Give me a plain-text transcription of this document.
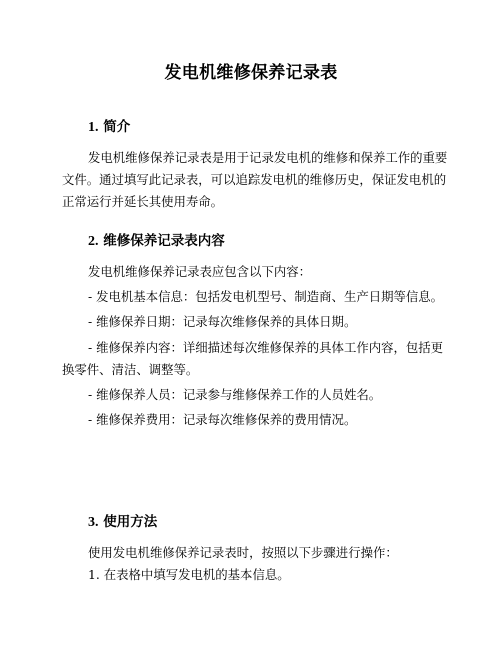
发电机维修保养记录表
1. 简介

发电机维修保养记录表是用于记录发电机的维修和保养工作的重要文件。通过填写此记录表，可以追踪发电机的维修历史，保证发电机的正常运行并延长其使用寿命。

2. 维修保养记录表内容

发电机维修保养记录表应包含以下内容：

- 发电机基本信息：包括发电机型号、制造商、生产日期等信息。

- 维修保养日期：记录每次维修保养的具体日期。

- 维修保养内容：详细描述每次维修保养的具体工作内容，包括更换零件、清洁、调整等。

- 维修保养人员：记录参与维修保养工作的人员姓名。

- 维修保养费用：记录每次维修保养的费用情况。

3. 使用方法

使用发电机维修保养记录表时，按照以下步骤进行操作：

1. 在表格中填写发电机的基本信息。
